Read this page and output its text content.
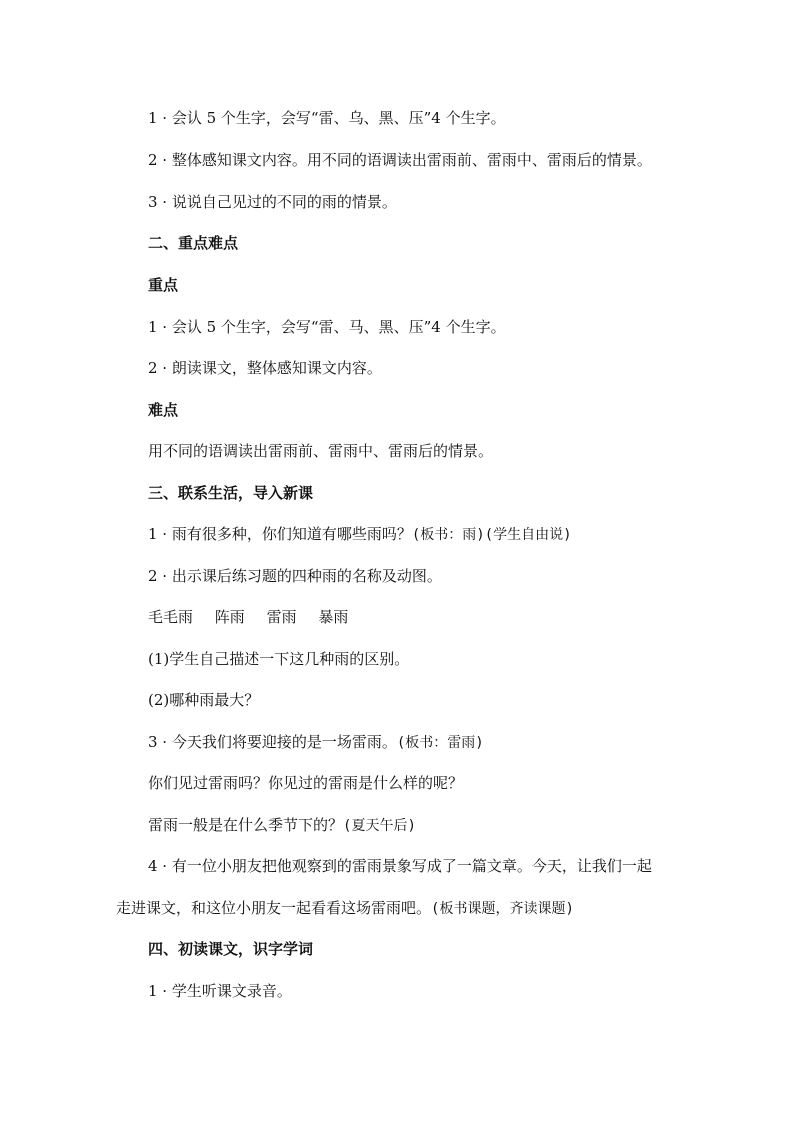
1 · 会认 5 个生字，会写“雷、乌、黑、压”4 个生字。
2 · 整体感知课文内容。用不同的语调读出雷雨前、雷雨中、雷雨后的情景。
3 · 说说自己见过的不同的雨的情景。
二、重点难点
重点
1 · 会认 5 个生字，会写“雷、马、黑、压”4 个生字。
2 · 朗读课文，整体感知课文内容。
难点
用不同的语调读出雷雨前、雷雨中、雷雨后的情景。
三、联系生活，导入新课
1 · 雨有很多种，你们知道有哪些雨吗？(板书：雨)(学生自由说)
2 · 出示课后练习题的四种雨的名称及动图。
毛毛雨 阵雨 雷雨 暴雨
(1)学生自己描述一下这几种雨的区别。
(2)哪种雨最大？
3 · 今天我们将要迎接的是一场雷雨。(板书：雷雨)
你们见过雷雨吗？你见过的雷雨是什么样的呢？
雷雨一般是在什么季节下的？(夏天午后)
4 · 有一位小朋友把他观察到的雷雨景象写成了一篇文章。今天，让我们一起
走进课文，和这位小朋友一起看看这场雷雨吧。(板书课题，齐读课题)
四、初读课文，识字学词
1 · 学生听课文录音。
